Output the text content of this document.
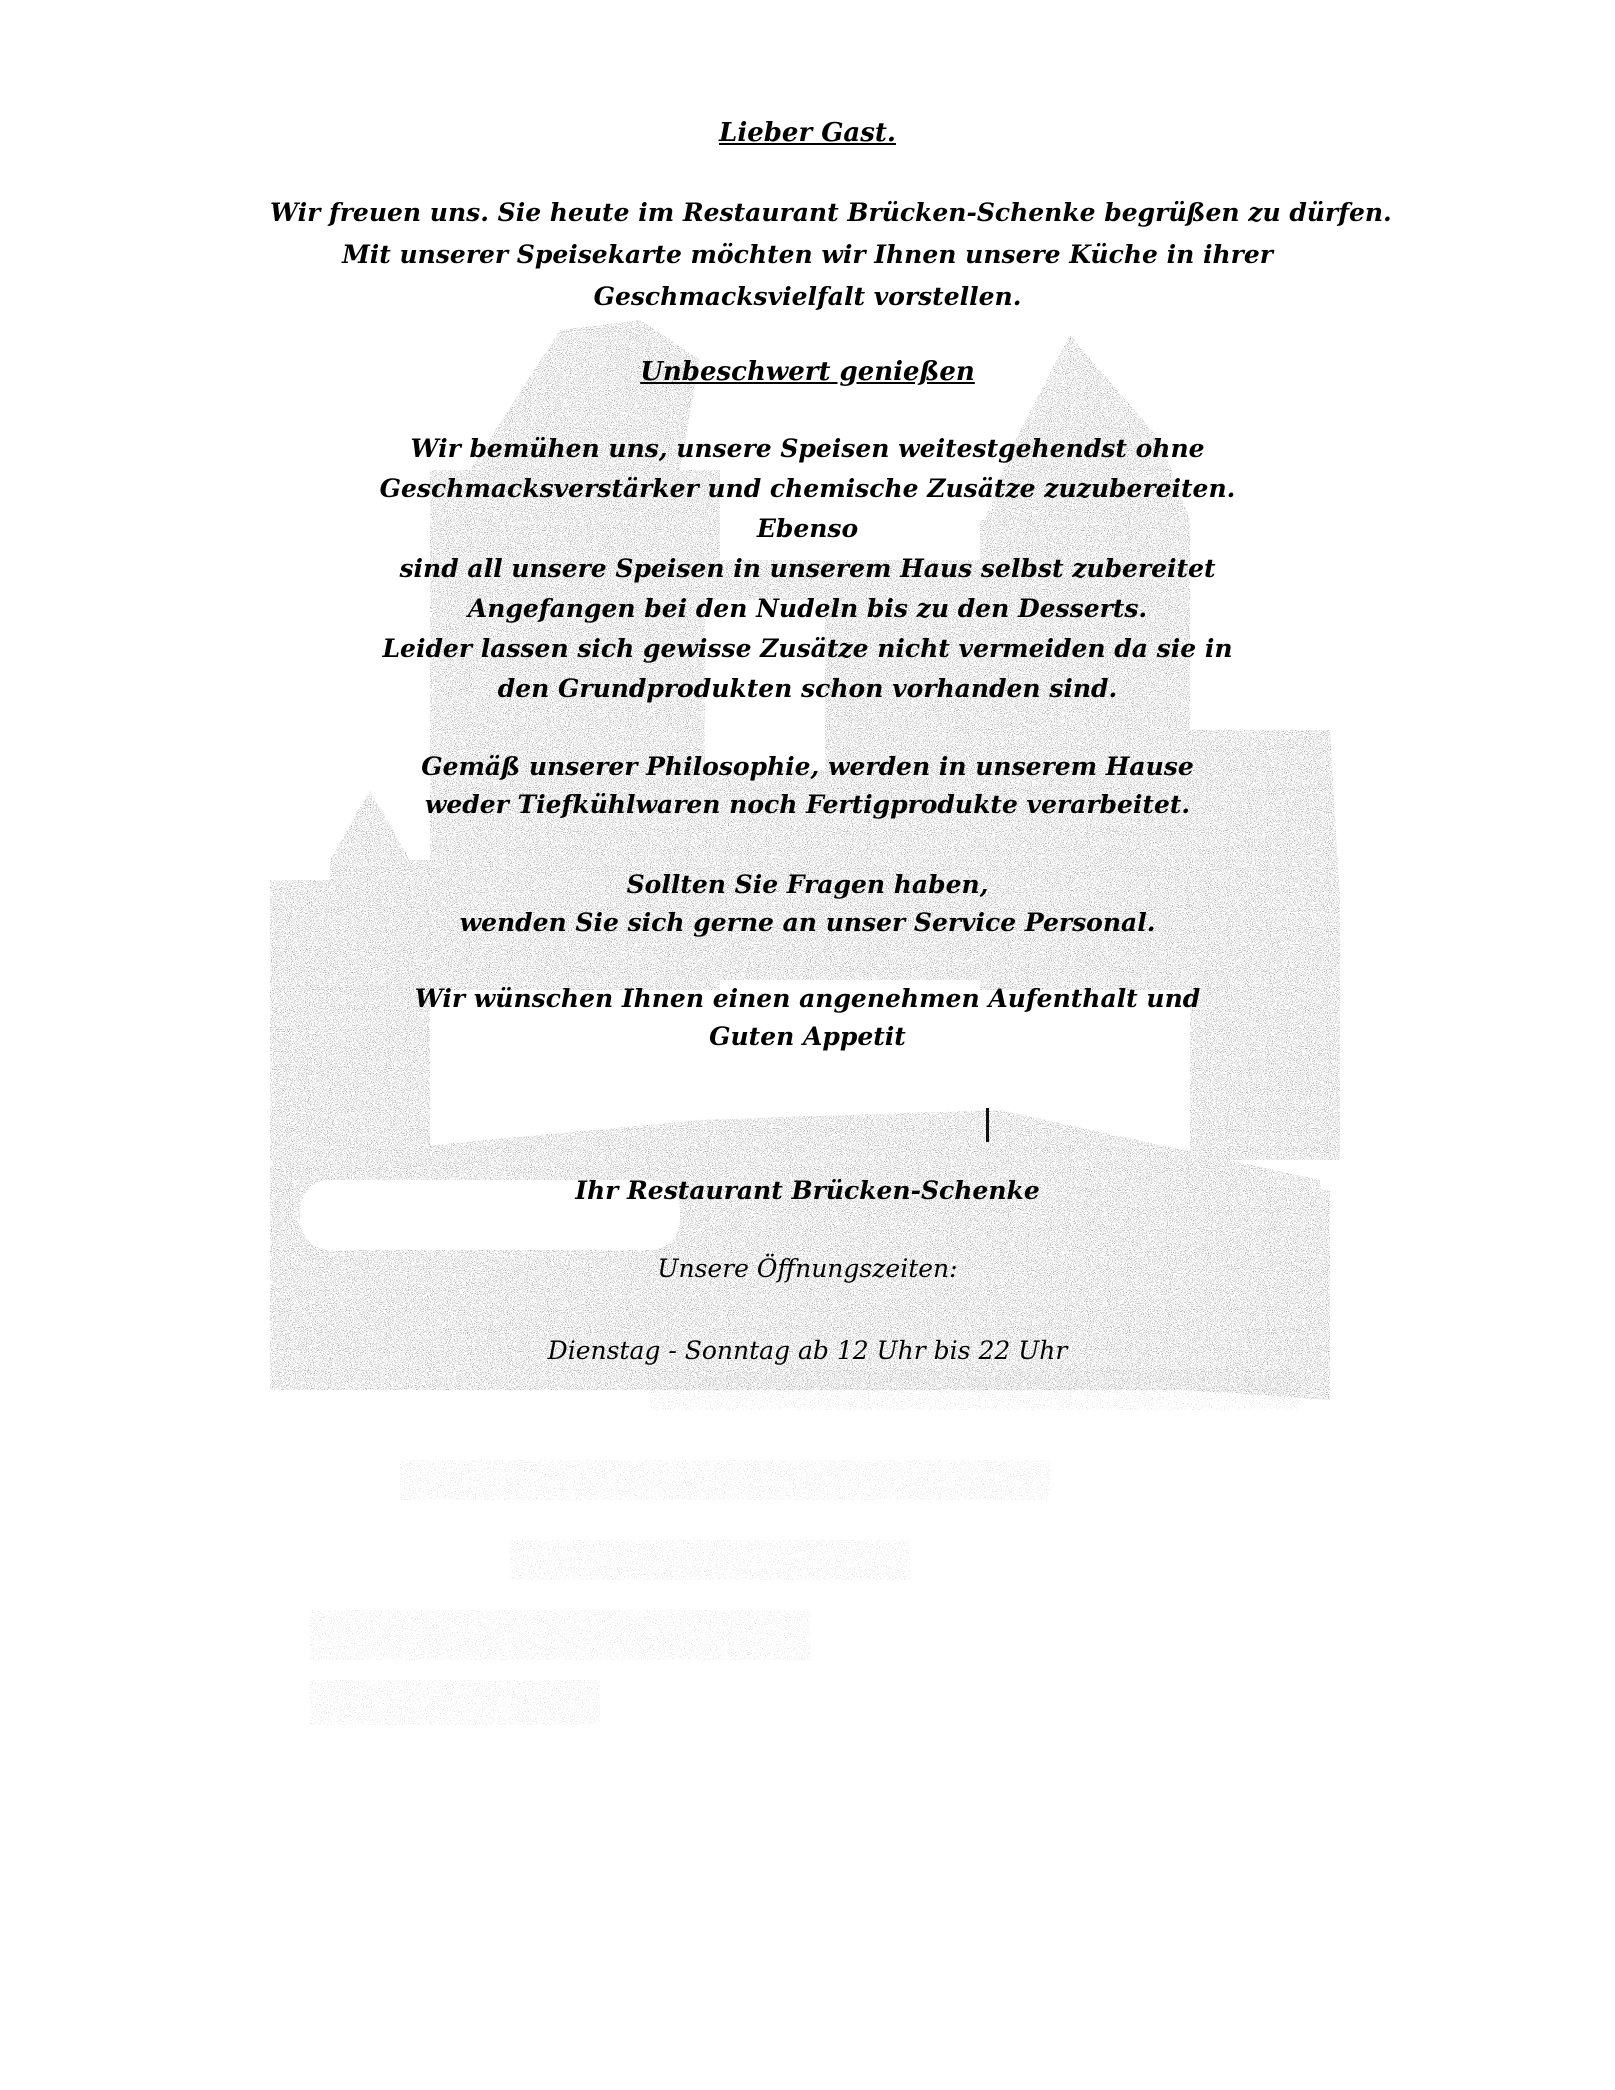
Lieber Gast.
Wir freuen uns. Sie heute im Restaurant Brücken-Schenke begrüßen zu dürfen.
Mit unserer Speisekarte möchten wir Ihnen unsere Küche in ihrer
Geschmacksvielfalt vorstellen.
Unbeschwert genießen
Wir bemühen uns, unsere Speisen weitestgehendst ohne
Geschmacksverstärker und chemische Zusätze zuzubereiten.
Ebenso
sind all unsere Speisen in unserem Haus selbst zubereitet
Angefangen bei den Nudeln bis zu den Desserts.
Leider lassen sich gewisse Zusätze nicht vermeiden da sie in
den Grundprodukten schon vorhanden sind.
Gemäß unserer Philosophie, werden in unserem Hause
weder Tiefkühlwaren noch Fertigprodukte verarbeitet.
Sollten Sie Fragen haben,
wenden Sie sich gerne an unser Service Personal.
Wir wünschen Ihnen einen angenehmen Aufenthalt und
Guten Appetit
Ihr Restaurant Brücken-Schenke
Unsere Öffnungszeiten:
Dienstag - Sonntag ab 12 Uhr bis 22 Uhr
